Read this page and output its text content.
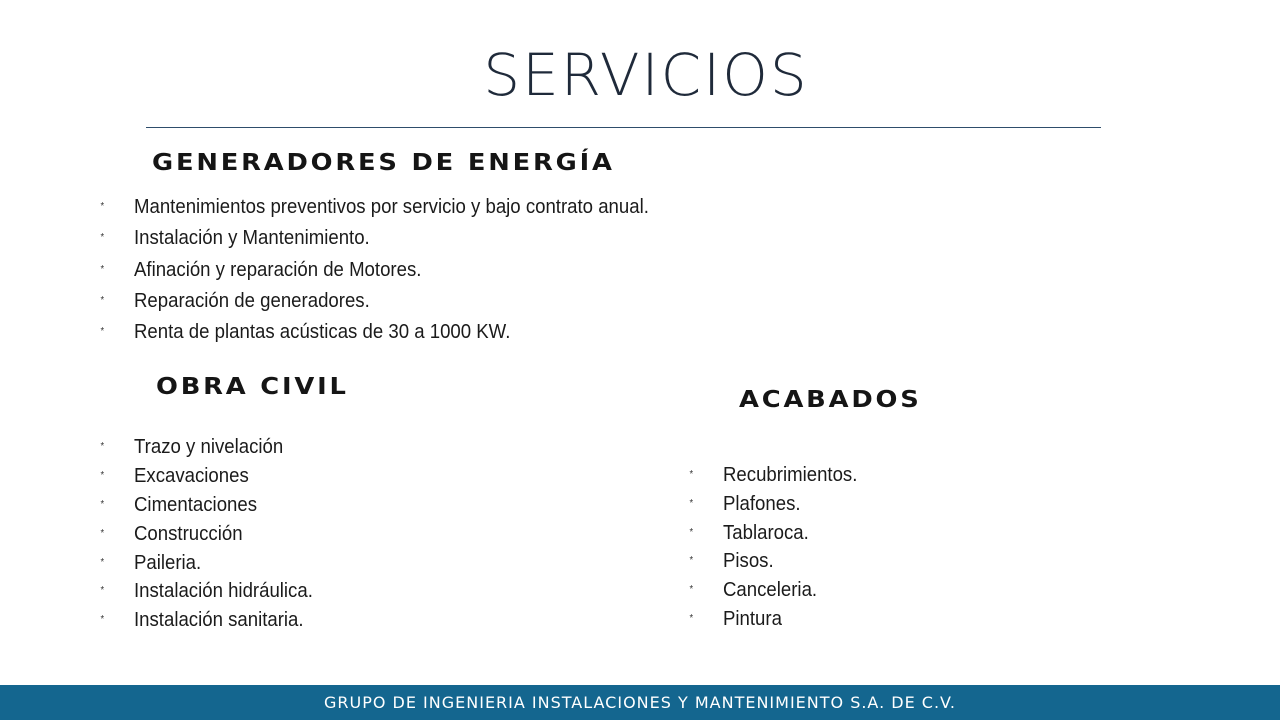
SERVICIOS
GENERADORES DE ENERGÍA
* Mantenimientos preventivos por servicio y bajo contrato anual.
* Instalación y Mantenimiento.
* Afinación y reparación de Motores.
* Reparación de generadores.
* Renta de plantas acústicas de 30 a 1000 KW.
OBRA CIVIL
* Trazo y nivelación
* Excavaciones
* Cimentaciones
* Construcción
* Paileria.
* Instalación hidráulica.
* Instalación sanitaria.
ACABADOS
* Recubrimientos.
* Plafones.
* Tablaroca.
* Pisos.
* Canceleria.
* Pintura
GRUPO DE INGENIERIA INSTALACIONES Y MANTENIMIENTO S.A. DE C.V.
